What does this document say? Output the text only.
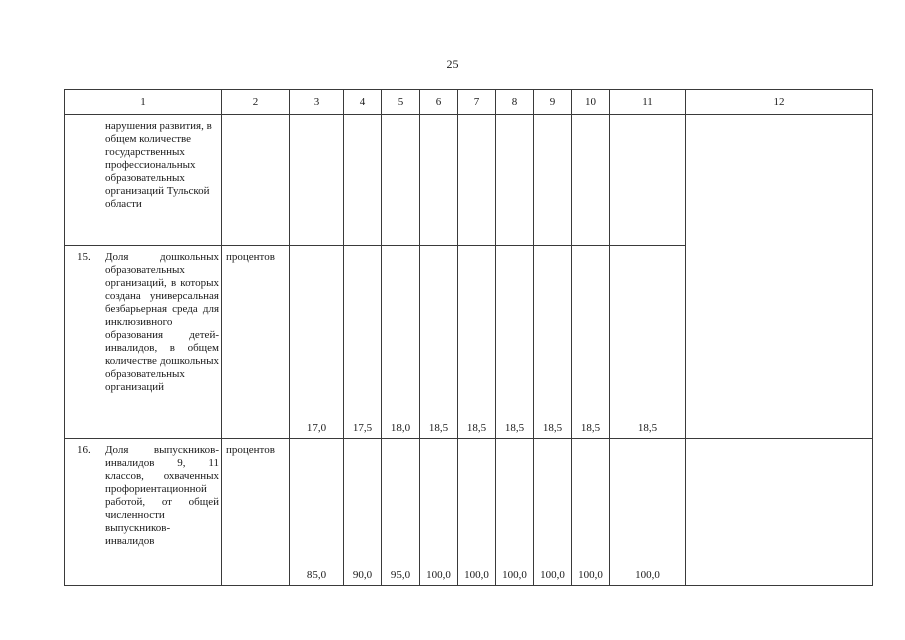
25
1	2	3	4	5	6	7	8	9	10	11	12

нарушения развития, в общем количестве государственных профессиональных образовательных организаций Тульской области											

15. Доля дошкольных образовательных организаций, в которых создана универсальная безбарьерная среда для инклюзивного образования детей-инвалидов, в общем количестве дошкольных образовательных организаций	процентов	17,0	17,5	18,0	18,5	18,5	18,5	18,5	18,5	18,5	

16. Доля выпускников-инвалидов 9, 11 классов, охваченных профориентационной работой, от общей численности выпускников-инвалидов	процентов	85,0	90,0	95,0	100,0	100,0	100,0	100,0	100,0	100,0	
